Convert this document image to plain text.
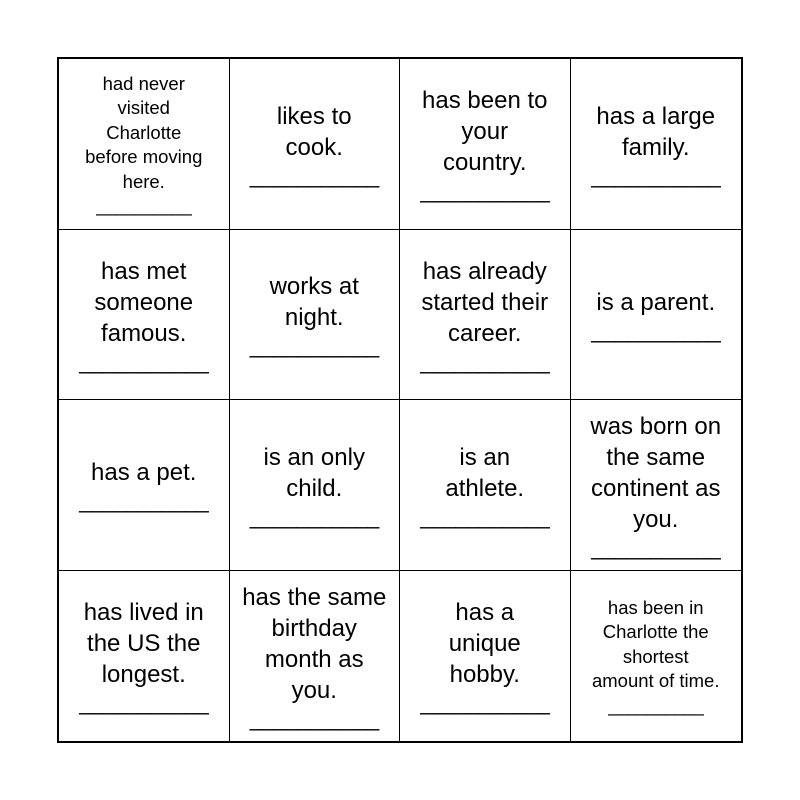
had never
visited
Charlotte
before moving
here.
__________
likes to
cook.
___________
has been to
your
country.
___________
has a large
family.
___________
has met
someone
famous.
___________
works at
night.
___________
has already
started their
career.
___________
is a parent.
___________
has a pet.
___________
is an only
child.
___________
is an
athlete.
___________
was born on
the same
continent as
you.
___________
has lived in
the US the
longest.
___________
has the same
birthday
month as
you.
___________
has a
unique
hobby.
___________
has been in
Charlotte the
shortest
amount of time.
__________
